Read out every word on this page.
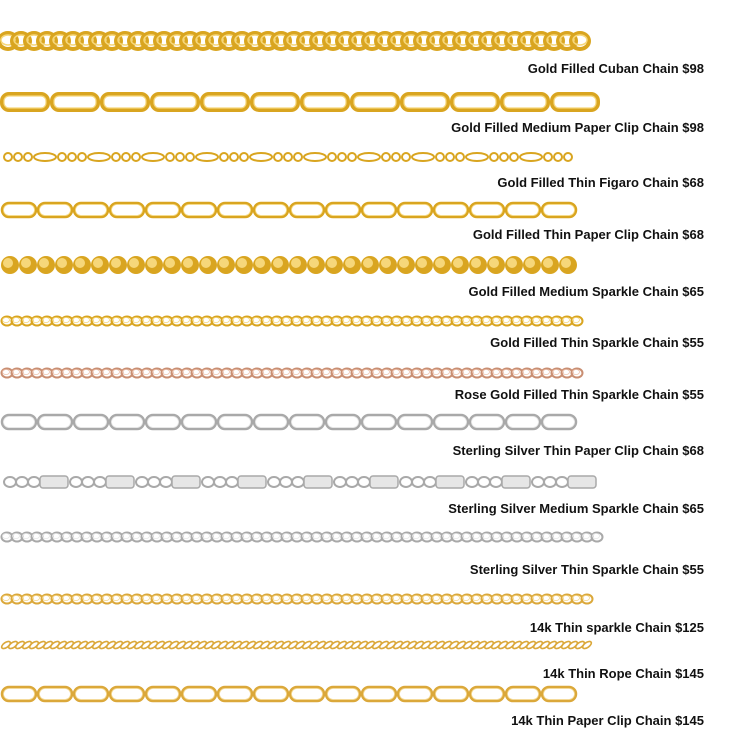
Gold Filled Cuban Chain $98
Gold Filled Medium Paper Clip Chain $98
Gold Filled Thin Figaro Chain $68
Gold Filled Thin Paper Clip Chain $68
Gold Filled Medium Sparkle Chain $65
Gold Filled Thin Sparkle Chain $55
Rose Gold Filled Thin Sparkle Chain $55
Sterling Silver Thin Paper Clip Chain $68
Sterling Silver Medium Sparkle Chain $65
Sterling Silver Thin Sparkle Chain $55
14k Thin sparkle Chain $125
14k Thin Rope Chain $145
14k Thin Paper Clip Chain $145
